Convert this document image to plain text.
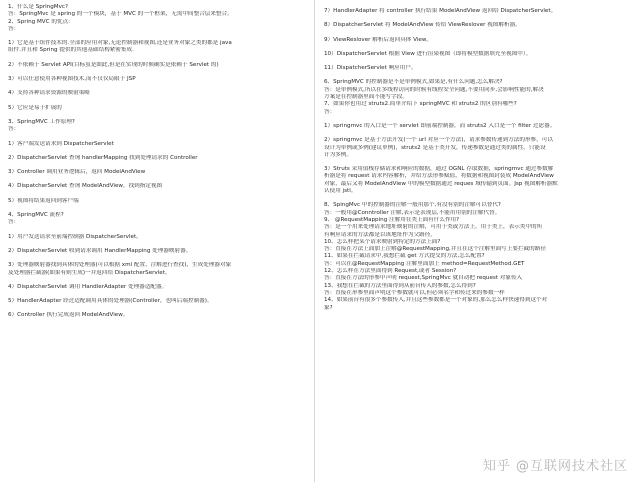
1、什么是 SpringMvc?

答：SpringMvc 是 spring 的一个模块，基于 MVC 的一个框架，无需中间整合层来整合。

2、Spring MVC 的优点:

答：

1）它是基于组件技术的.全部的应用对象,无论控制器和视图,还是业务对象之类的都是 java

组件.并且和 Spring 提供的其他基础结构紧密集成.

2）不依赖于 Servlet API(目标虽是如此,但是在实现的时候确实是依赖于 Servlet 的)

3）可以任意使用各种视图技术,而不仅仅局限于 JSP

4）支持各种请求资源的映射策略

5）它应是易于扩展的

3、SpringMVC 工作原理?

答：

1）客户端发送请求到 DispatcherServlet

2）DispatcherServlet 查询 handlerMapping 找到处理请求的 Controller

3）Controller 调用业务逻辑后，返回 ModelAndView

4）DispatcherServlet 查询 ModelAndView，找到指定视图

5）视图将结果返回到客户端

4、SpringMVC 流程?

答：

1）用户发送请求至前端控制器 DispatcherServlet。

2）DispatcherServlet 收到请求调用 HandlerMapping 处理器映射器。

3）处理器映射器找到具体的处理器(可以根据 xml 配置、注解进行查找)，生成处理器对象

及处理器拦截器(如果有则生成)一并返回给 DispatcherServlet。

4）DispatcherServlet 调用 HandlerAdapter 处理器适配器。

5）HandlerAdapter 经过适配调用具体的处理器(Controller，也叫后端控制器)。

6）Controller 执行完成返回 ModelAndView。

7）HandlerAdapter 将 controller 执行结果 ModelAndView 返回给 DispatcherServlet。

8）DispatcherServlet 将 ModelAndView 传给 ViewReslover 视图解析器。

9）ViewReslover 解析后返回具体 View。

10）DispatcherServlet 根据 View 进行渲染视图（即将模型数据填充至视图中）。

11）DispatcherServlet 响应用户。

6、SpringMVC 的控制器是不是单例模式,如果是,有什么问题,怎么解决?

答：是单例模式,所以在多线程访问的时候有线程安全问题,不要用同步,会影响性能的,解决

方案是在控制器里面不能写字段。

7、如果你也用过 struts2.简单介绍下 springMVC 和 struts2 的区别有哪些?

答：

1）springmvc 的入口是一个 servlet 即前端控制器，而 struts2 入口是一个 filter 过虑器。

2）springmvc 是基于方法开发(一个 url 对应一个方法)，请求参数传递到方法的形参，可以

设计为单例或多例(建议单例)，struts2 是基于类开发，传递参数是通过类的属性，只能设

计为多例。

3）Struts 采用值栈存储请求和响应的数据，通过 OGNL 存取数据，springmvc 通过参数解

析器是将 request 请求内容解析，并给方法形参赋值，将数据和视图封装成 ModelAndView

对象，最后又将 ModelAndView 中的模型数据通过 reques 域传输到页面。Jsp 视图解析器默

认使用 jstl。

8、SpingMvc 中的控制器的注解一般用那个,有没有别的注解可以替代?

答：一般用@Conntroller 注解,表示是表现层,不能用用别的注解代替。

9、 @RequestMapping 注解用在类上面有什么作用?

答：是一个用来处理请求地址映射的注解，可用于类或方法上。用于类上，表示类中的所

有响应请求的方法都是以该地址作为父路径。

10、怎么样把某个请求映射到特定的方法上面?

答：直接在方法上面加上注解@RequestMapping,并且在这个注解里面写上要拦截的路径

11、如果在拦截请求中,我想拦截 get 方式提交的方法,怎么配置?

答：可以在@RequestMapping 注解里面加上 method=RequestMethod.GET

12、怎么样在方法里面得到 Request,或者 Session?

答：直接在方法的形参中声明 request,SpringMvc 就自动把 request 对象传入

13、我想在拦截的方法里面得到从前台传入的参数,怎么得到?

答：直接在形参里面声明这个参数就可以,但必须名字和传过来的参数一样

14、如果前台有很多个参数传入,并且这些参数都是一个对象的,那么怎么样快速得到这个对

象?

知乎 @互联网技术社区
